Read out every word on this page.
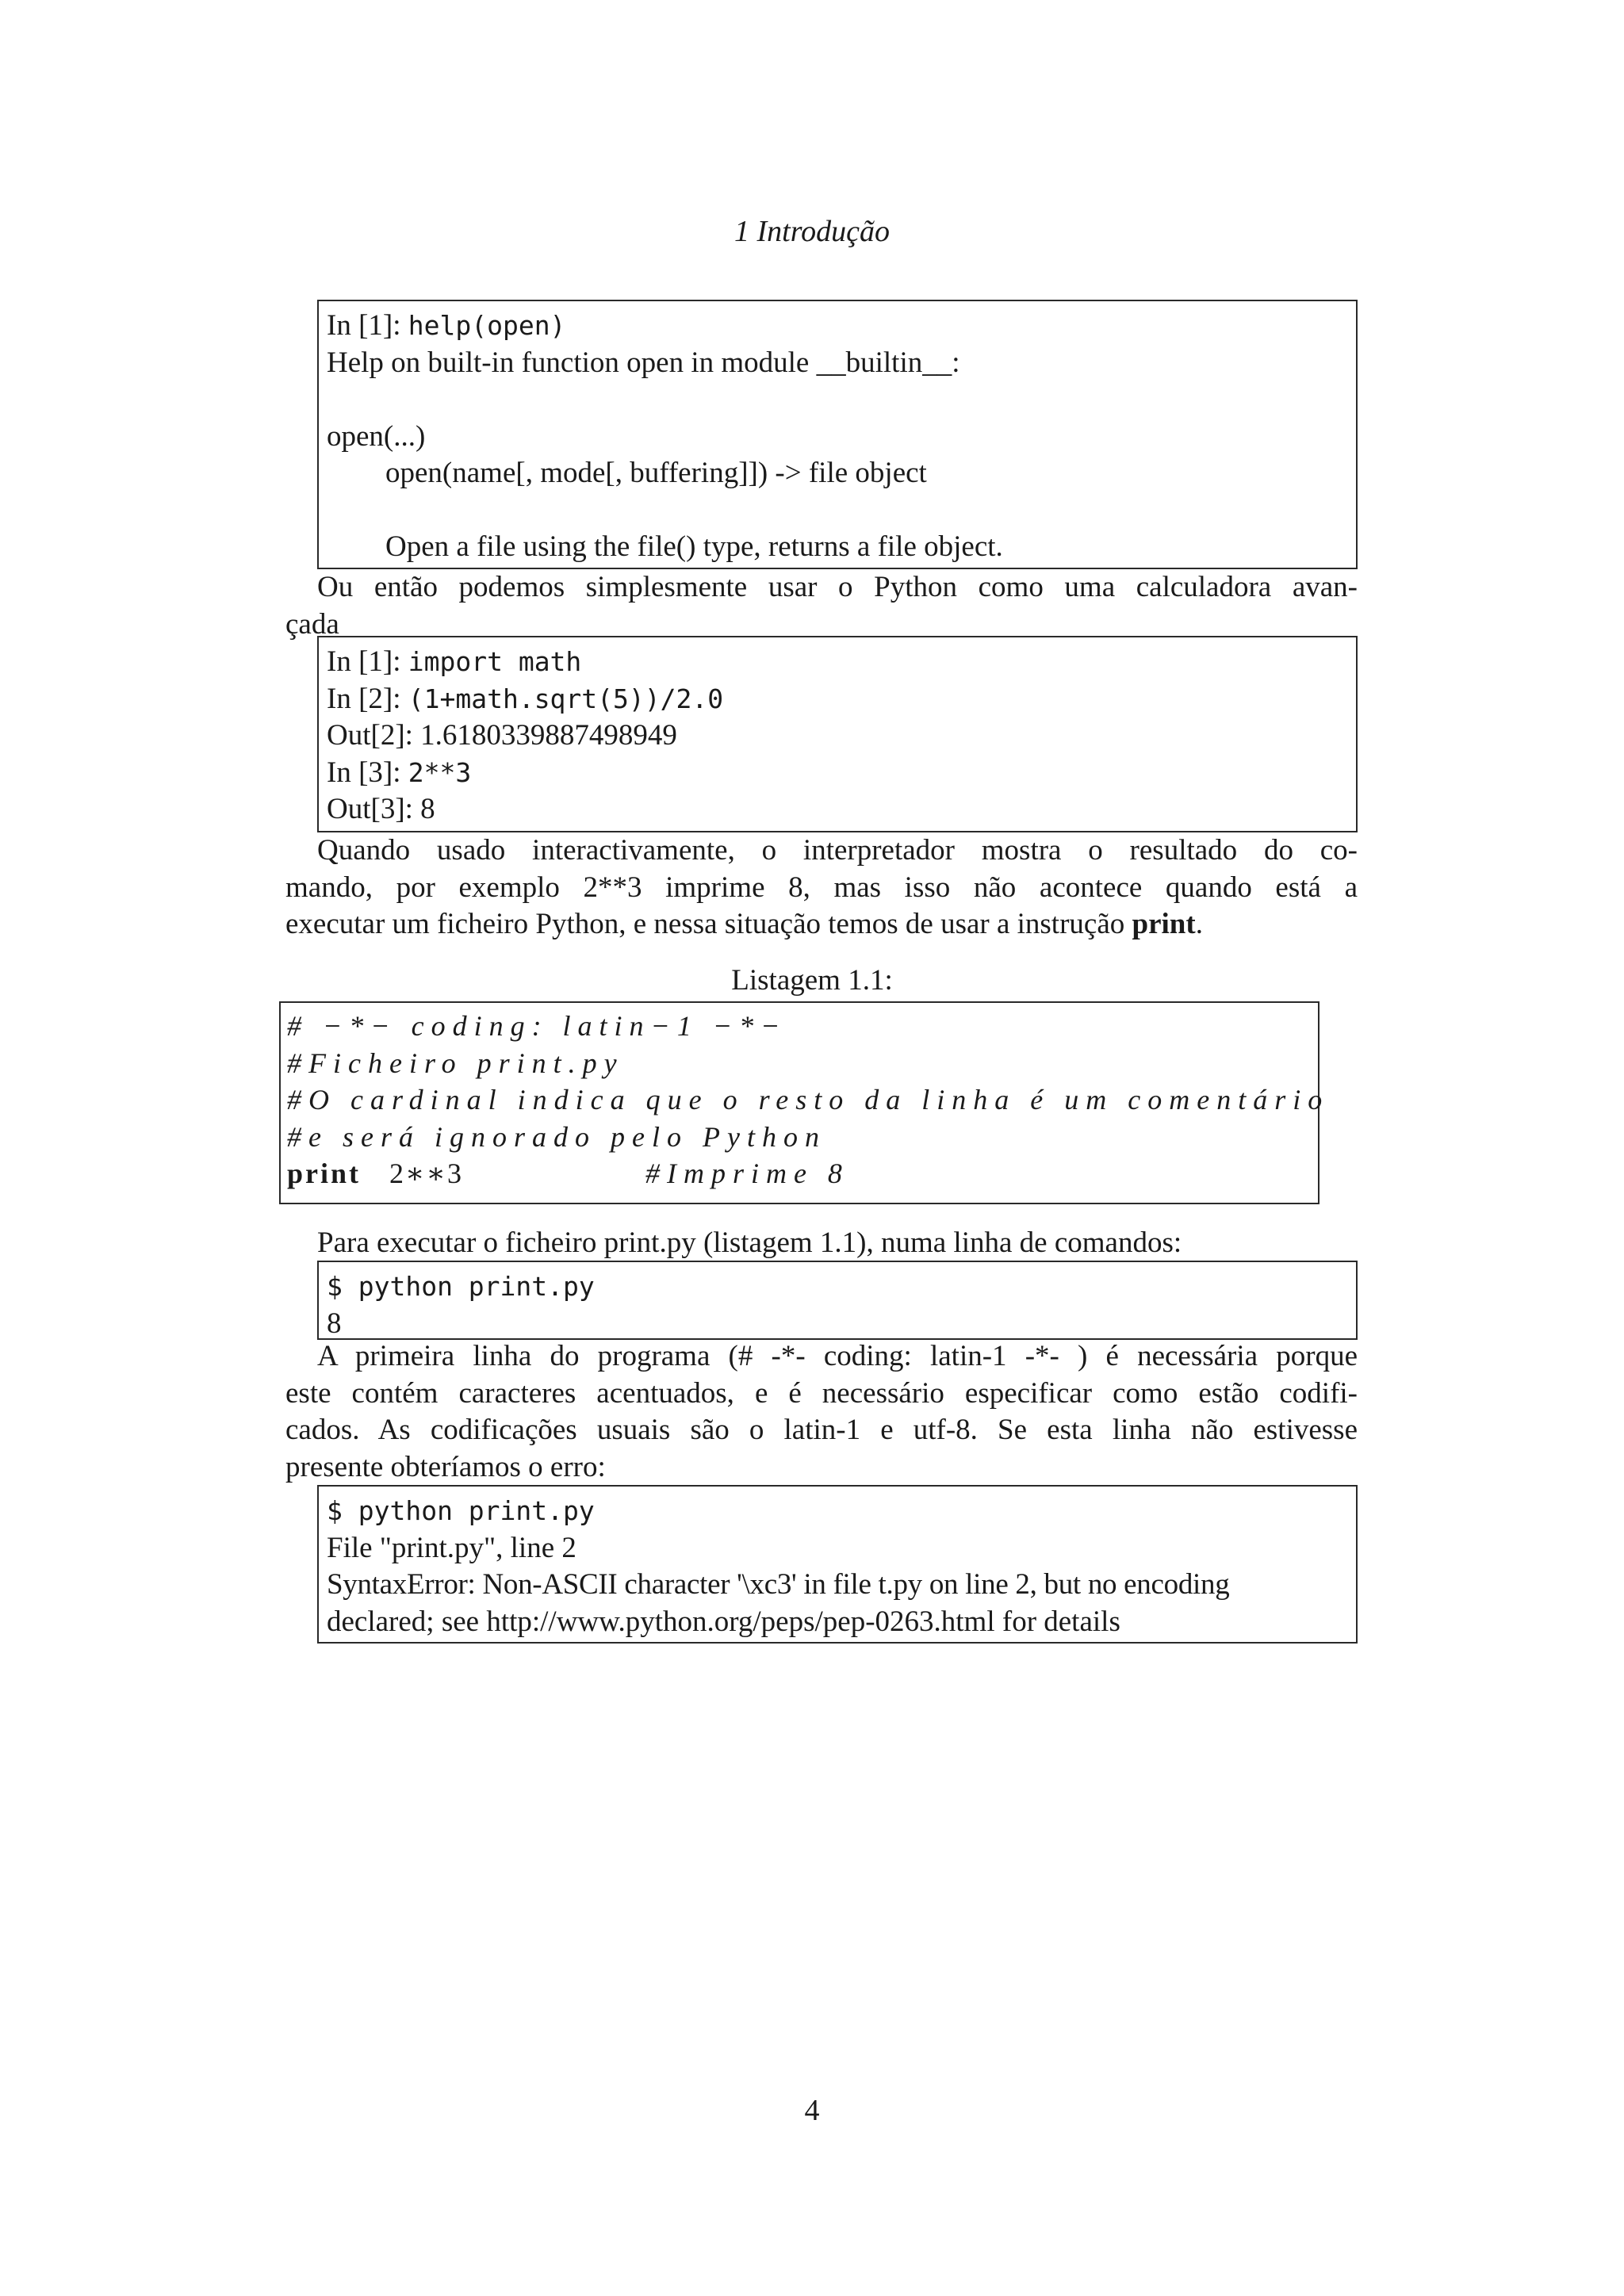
1 Introdução
In [1]: help(open)
Help on built-in function open in module __builtin__:
open(...)
open(name[, mode[, buffering]]) -> file object
Open a file using the file() type, returns a file object.
Ou então podemos simplesmente usar o Python como uma calculadora avan-
çada
In [1]: import math
In [2]: (1+math.sqrt(5))/2.0
Out[2]: 1.6180339887498949
In [3]: 2**3
Out[3]: 8
Quando usado interactivamente, o interpretador mostra o resultado do co-
mando, por exemplo 2**3 imprime 8, mas isso não acontece quando está a
executar um ficheiro Python, e nessa situação temos de usar a instrução print.
Listagem 1.1:
# −*− coding: latin−1 −*−
#Ficheiro print.py
#O cardinal indica que o resto da linha é um comentário
#e será ignorado pelo Python
print 2∗∗3	#Imprime 8
Para executar o ficheiro print.py (listagem 1.1), numa linha de comandos:
$ python print.py
8
A primeira linha do programa (# -*- coding: latin-1 -*- ) é necessária porque
este contém caracteres acentuados, e é necessário especificar como estão codifi-
cados. As codificações usuais são o latin-1 e utf-8. Se esta linha não estivesse
presente obteríamos o erro:
$ python print.py
File "print.py", line 2
SyntaxError: Non-ASCII character '\xc3' in file t.py on line 2, but no encoding
declared; see http://www.python.org/peps/pep-0263.html for details
4
